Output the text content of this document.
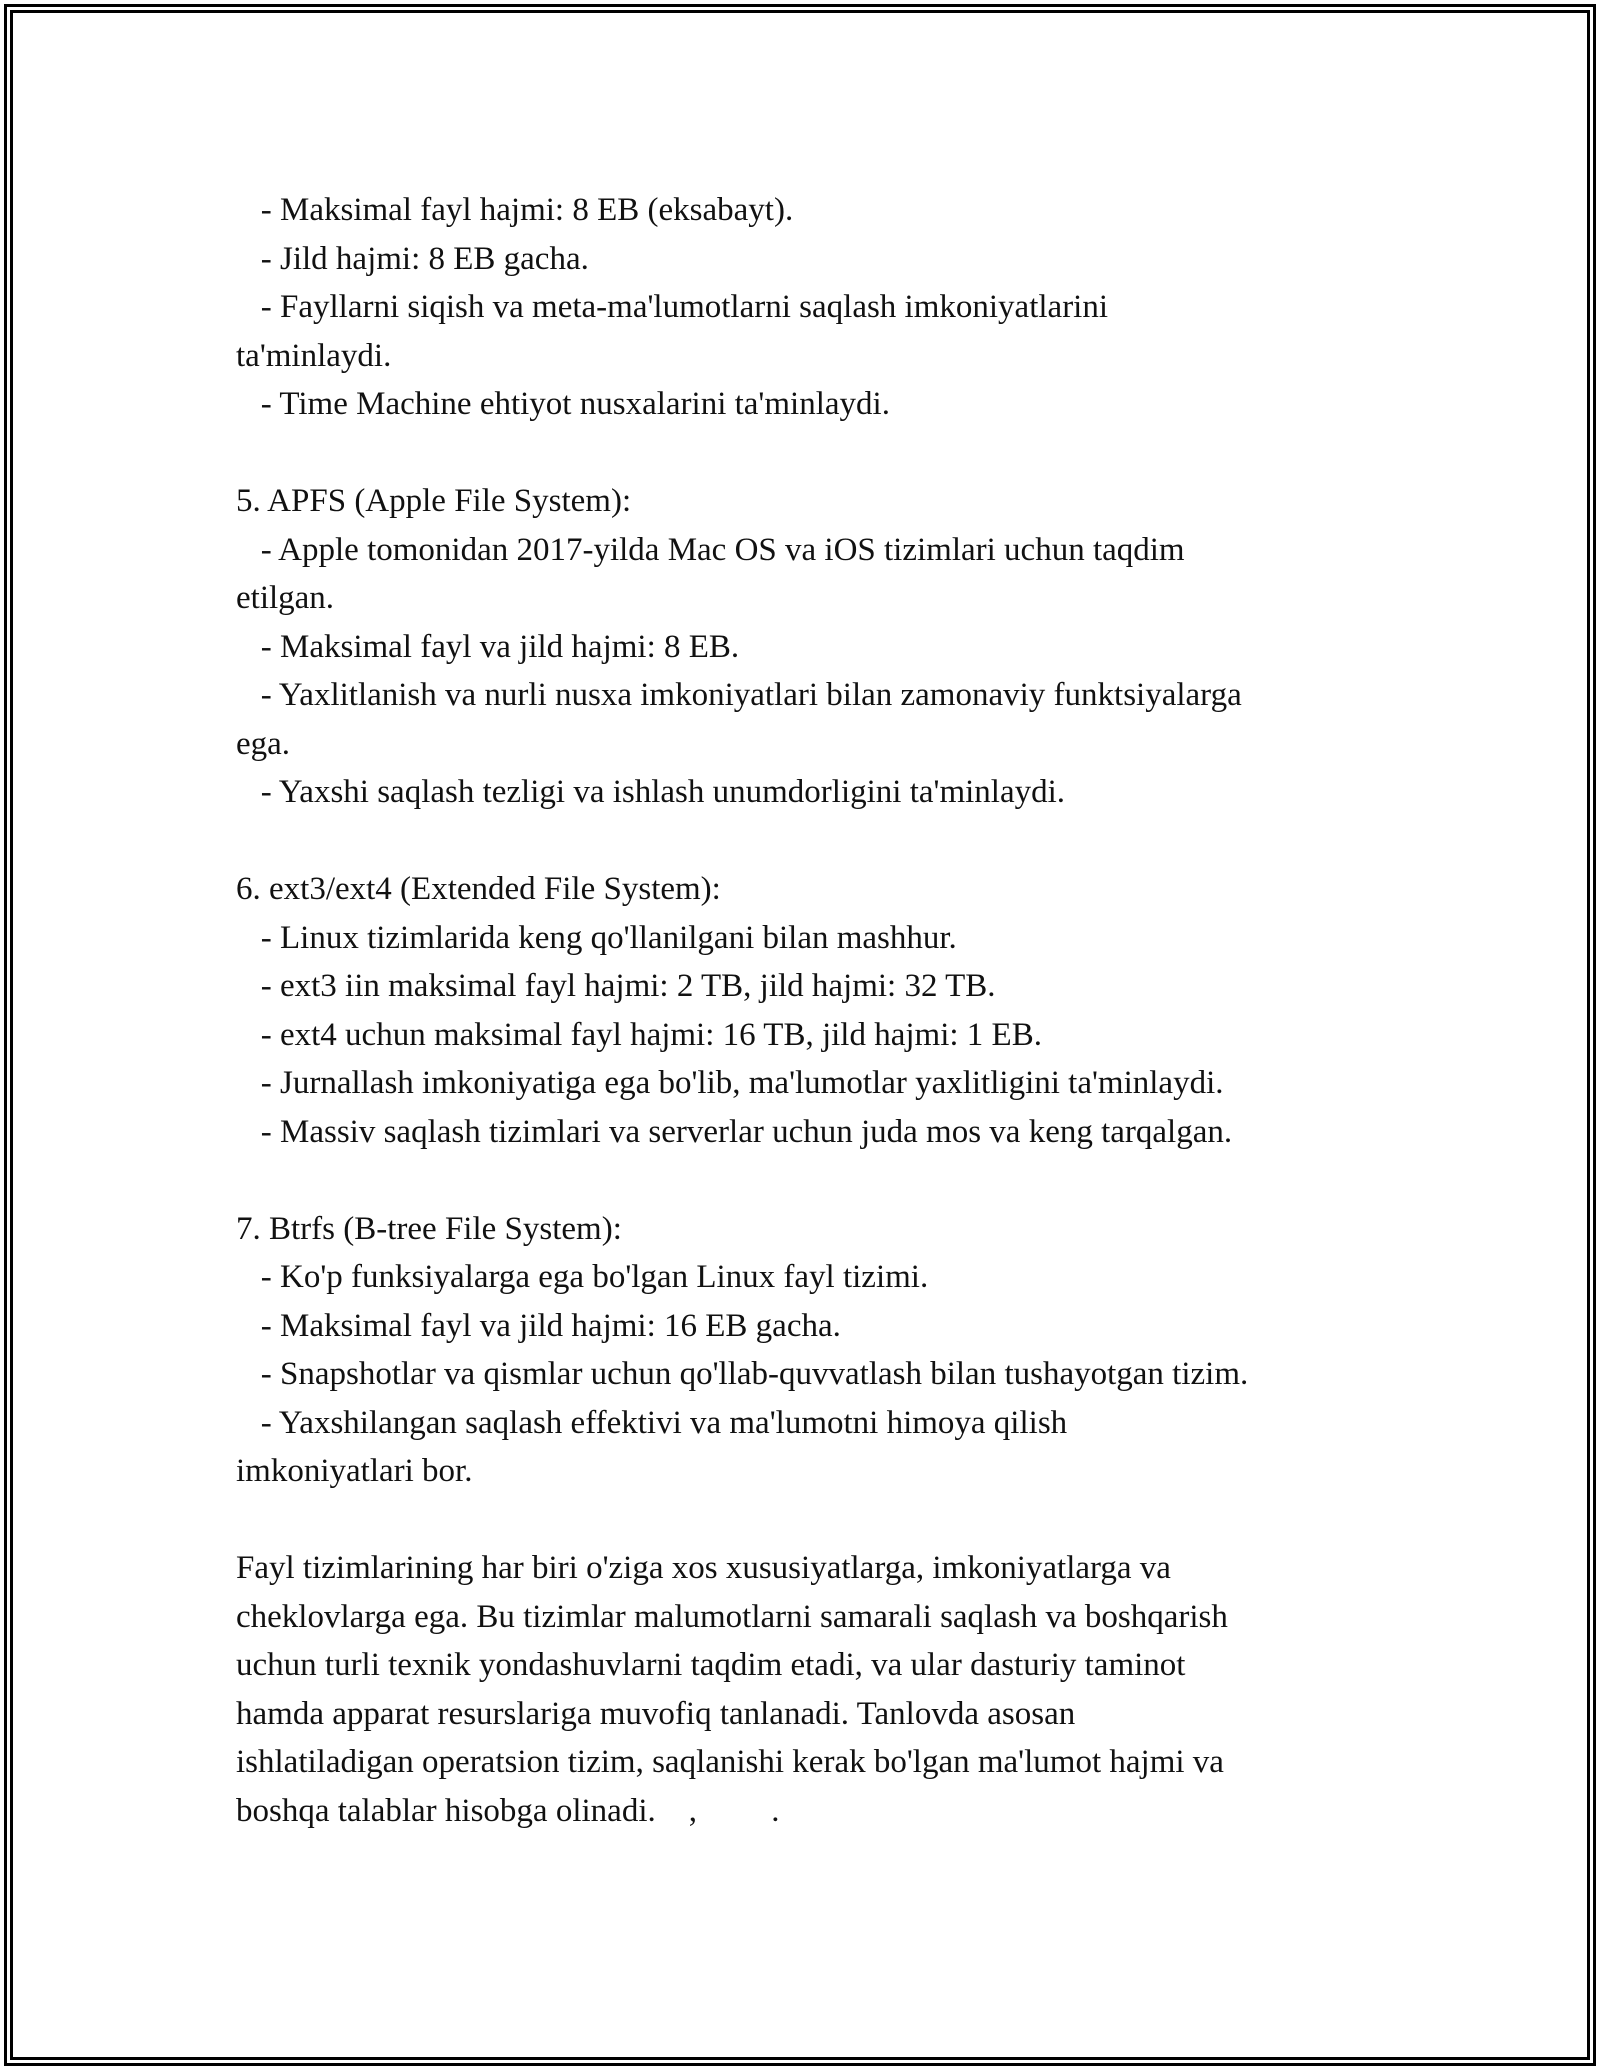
- Maksimal fayl hajmi: 8 EB (eksabayt).
- Jild hajmi: 8 EB gacha.
- Fayllarni siqish va meta-ma'lumotlarni saqlash imkoniyatlarini
ta'minlaydi.
- Time Machine ehtiyot nusxalarini ta'minlaydi.
5. APFS (Apple File System):
- Apple tomonidan 2017-yilda Mac OS va iOS tizimlari uchun taqdim
etilgan.
- Maksimal fayl va jild hajmi: 8 EB.
- Yaxlitlanish va nurli nusxa imkoniyatlari bilan zamonaviy funktsiyalarga
ega.
- Yaxshi saqlash tezligi va ishlash unumdorligini ta'minlaydi.
6. ext3/ext4 (Extended File System):
- Linux tizimlarida keng qo'llanilgani bilan mashhur.
- ext3 iin maksimal fayl hajmi: 2 TB, jild hajmi: 32 TB.
- ext4 uchun maksimal fayl hajmi: 16 TB, jild hajmi: 1 EB.
- Jurnallash imkoniyatiga ega bo'lib, ma'lumotlar yaxlitligini ta'minlaydi.
- Massiv saqlash tizimlari va serverlar uchun juda mos va keng tarqalgan.
7. Btrfs (B-tree File System):
- Ko'p funksiyalarga ega bo'lgan Linux fayl tizimi.
- Maksimal fayl va jild hajmi: 16 EB gacha.
- Snapshotlar va qismlar uchun qo'llab-quvvatlash bilan tushayotgan tizim.
- Yaxshilangan saqlash effektivi va ma'lumotni himoya qilish
imkoniyatlari bor.
Fayl tizimlarining har biri o'ziga xos xususiyatlarga, imkoniyatlarga va
cheklovlarga ega. Bu tizimlar malumotlarni samarali saqlash va boshqarish
uchun turli texnik yondashuvlarni taqdim etadi, va ular dasturiy taminot
hamda apparat resurslariga muvofiq tanlanadi. Tanlovda asosan
ishlatiladigan operatsion tizim, saqlanishi kerak bo'lgan ma'lumot hajmi va
boshqa talablar hisobga olinadi.    ,         .
